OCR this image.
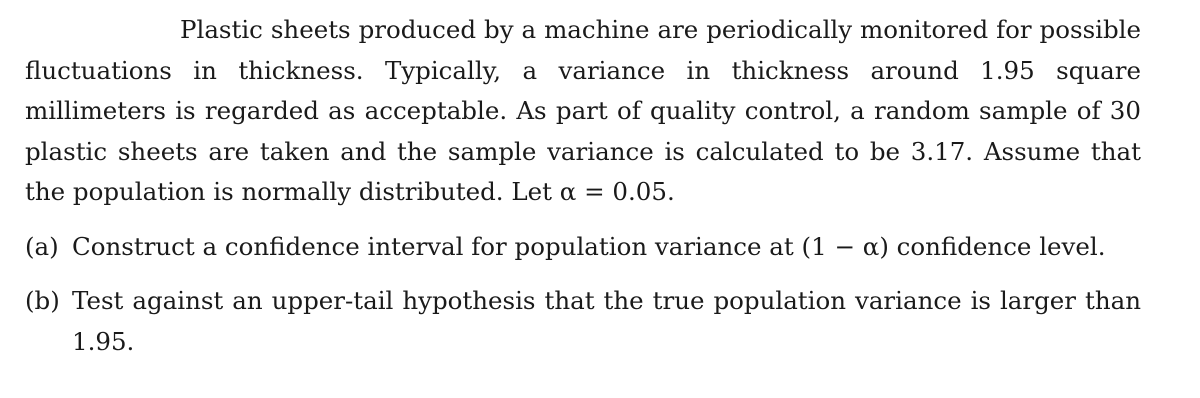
Plastic sheets produced by a machine are periodically monitored for possible fluctuations in thickness. Typically, a variance in thickness around 1.95 square millimeters is regarded as acceptable. As part of quality control, a random sample of 30 plastic sheets are taken and the sample variance is calculated to be 3.17. Assume that the population is normally distributed. Let α = 0.05.

(a) Construct a confidence interval for population variance at (1 − α) confidence level.
(b) Test against an upper-tail hypothesis that the true population variance is larger than 1.95.
